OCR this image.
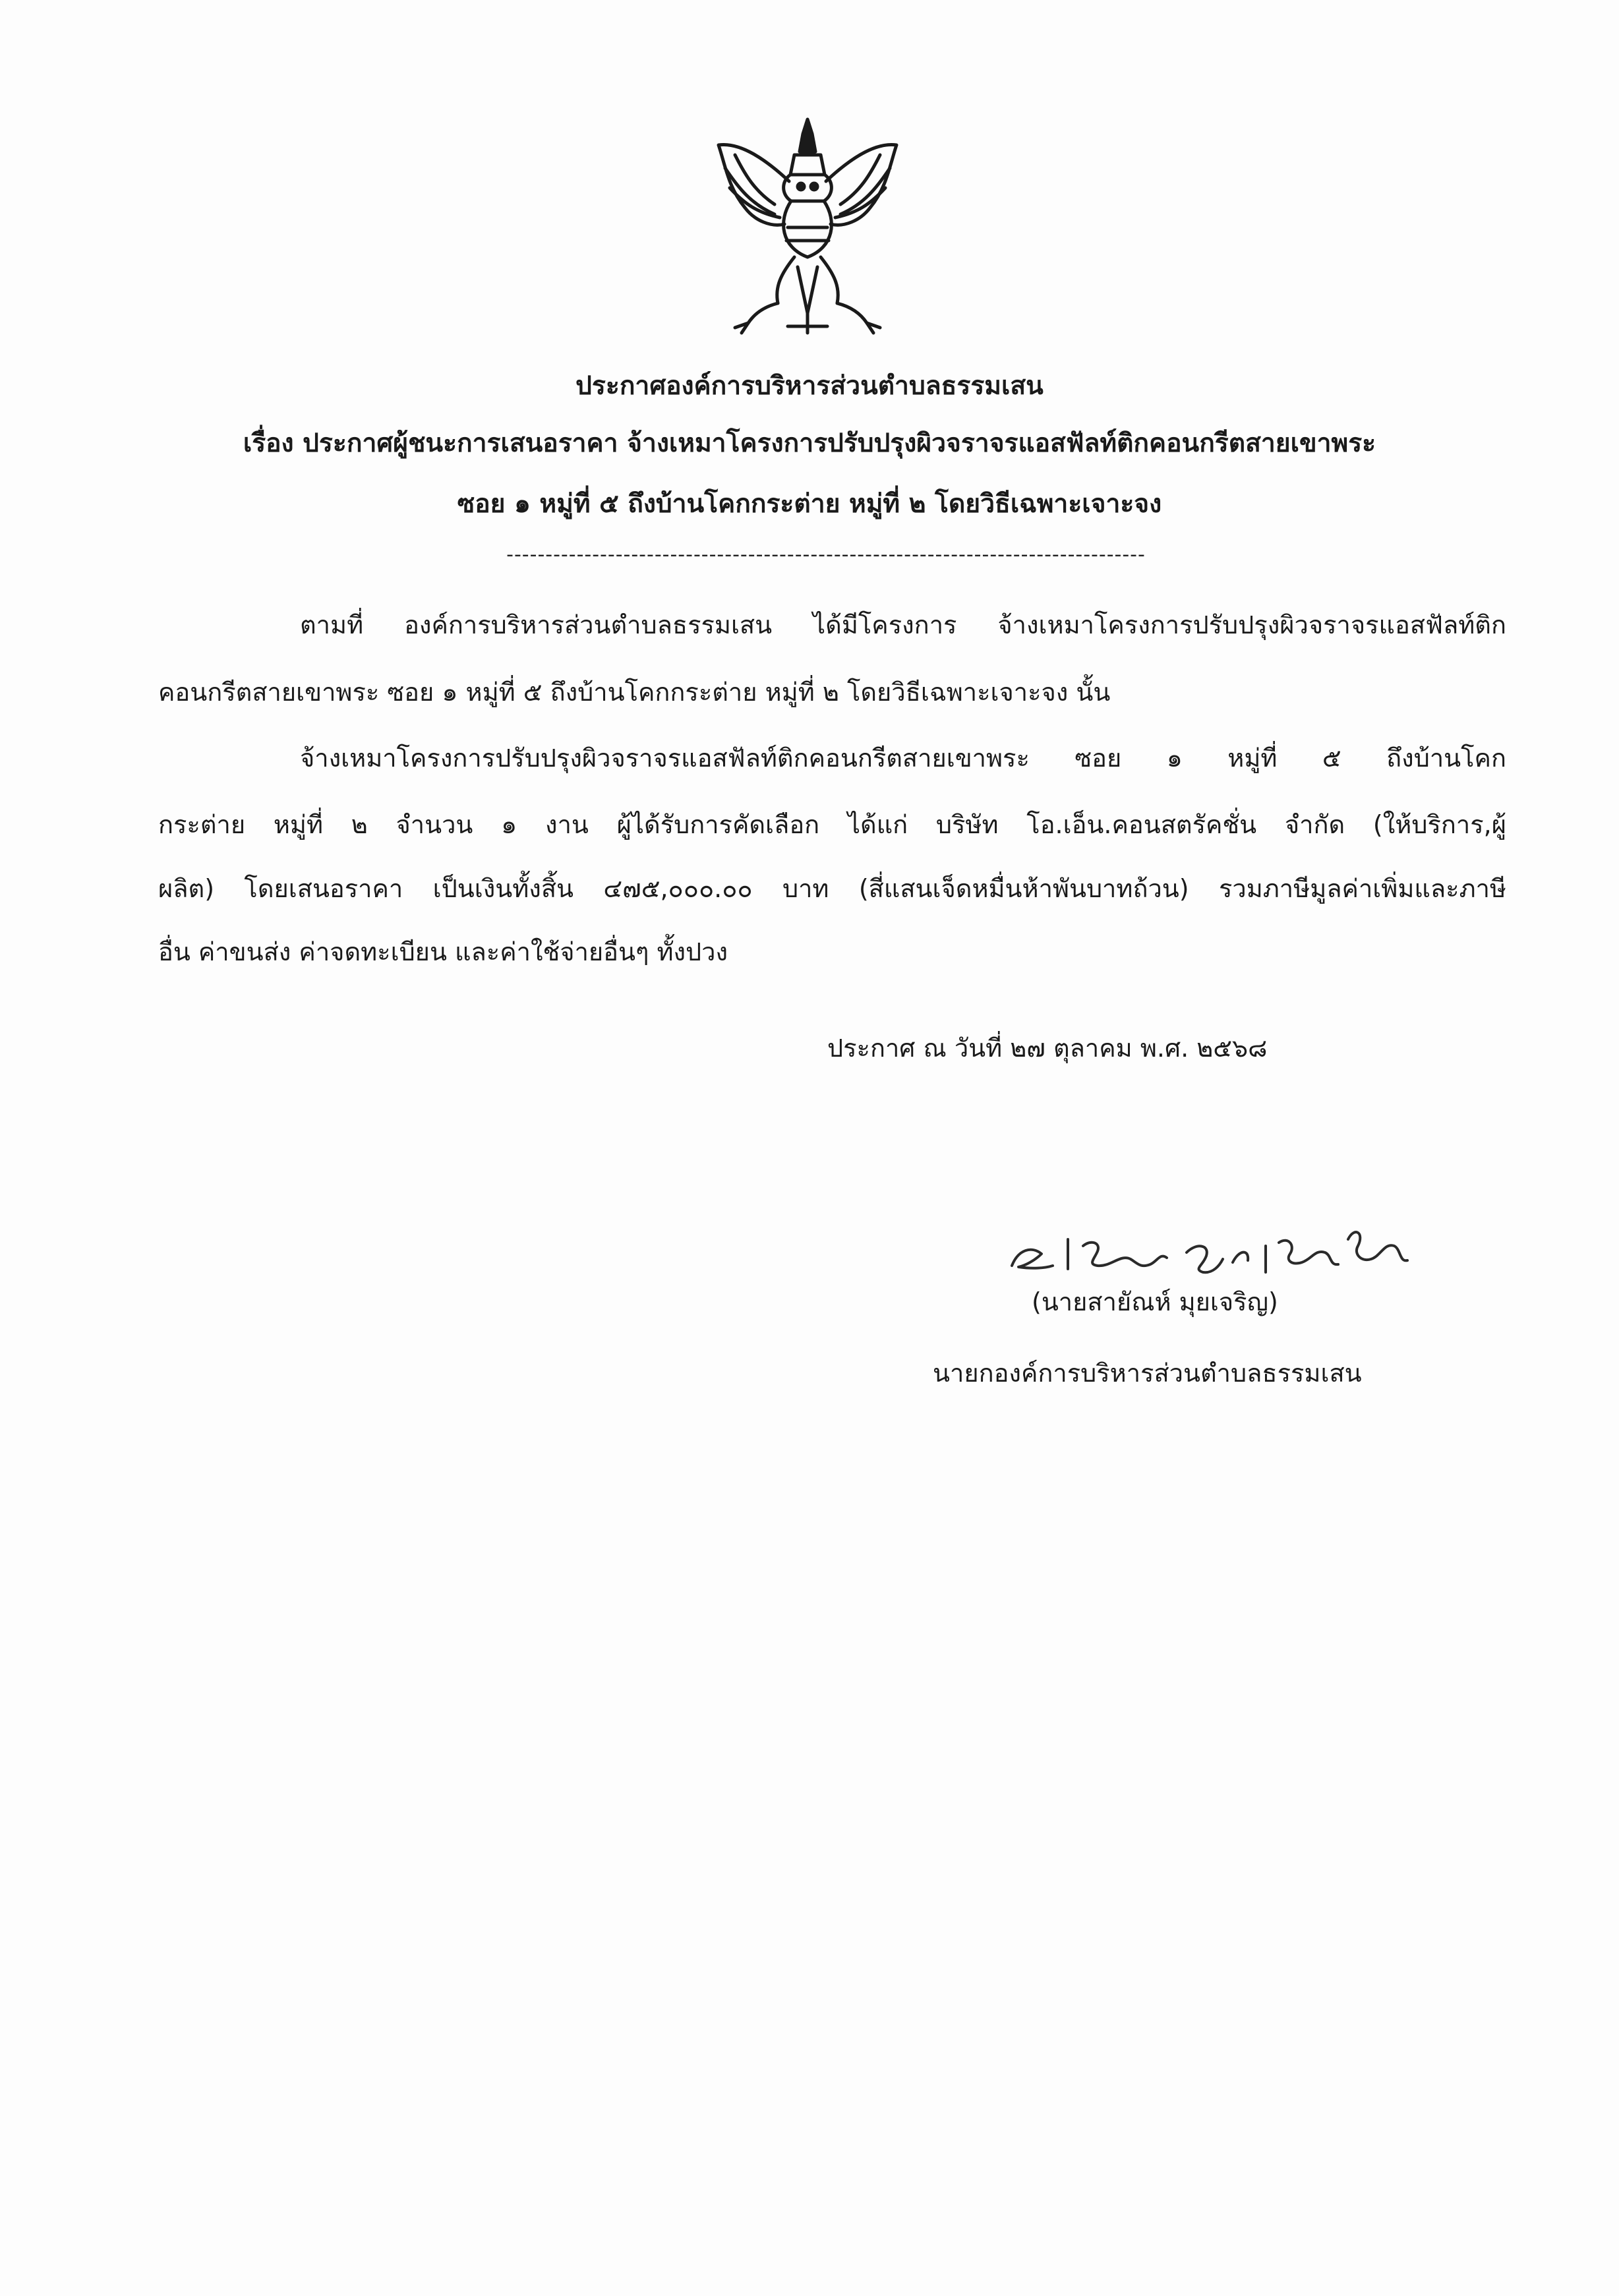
ประกาศองค์การบริหารส่วนตำบลธรรมเสน
เรื่อง ประกาศผู้ชนะการเสนอราคา จ้างเหมาโครงการปรับปรุงผิวจราจรแอสฟัลท์ติกคอนกรีตสายเขาพระ
ซอย ๑ หมู่ที่ ๕ ถึงบ้านโคกกระต่าย หมู่ที่ ๒ โดยวิธีเฉพาะเจาะจง
----------------------------------------------------------------------------------
ตามที่ องค์การบริหารส่วนตำบลธรรมเสน ได้มีโครงการ จ้างเหมาโครงการปรับปรุงผิวจราจรแอสฟัลท์ติก
คอนกรีตสายเขาพระ ซอย ๑ หมู่ที่ ๕ ถึงบ้านโคกกระต่าย หมู่ที่ ๒ โดยวิธีเฉพาะเจาะจง นั้น
จ้างเหมาโครงการปรับปรุงผิวจราจรแอสฟัลท์ติกคอนกรีตสายเขาพระ ซอย ๑ หมู่ที่ ๕ ถึงบ้านโคก
กระต่าย หมู่ที่ ๒ จำนวน ๑ งาน ผู้ได้รับการคัดเลือก ได้แก่ บริษัท โอ.เอ็น.คอนสตรัคชั่น จำกัด (ให้บริการ,ผู้
ผลิต) โดยเสนอราคา เป็นเงินทั้งสิ้น ๔๗๕,๐๐๐.๐๐ บาท (สี่แสนเจ็ดหมื่นห้าพันบาทถ้วน) รวมภาษีมูลค่าเพิ่มและภาษี
อื่น ค่าขนส่ง ค่าจดทะเบียน และค่าใช้จ่ายอื่นๆ ทั้งปวง
ประกาศ ณ วันที่ ๒๗ ตุลาคม พ.ศ. ๒๕๖๘
(นายสายัณห์ มุยเจริญ)
นายกองค์การบริหารส่วนตำบลธรรมเสน
